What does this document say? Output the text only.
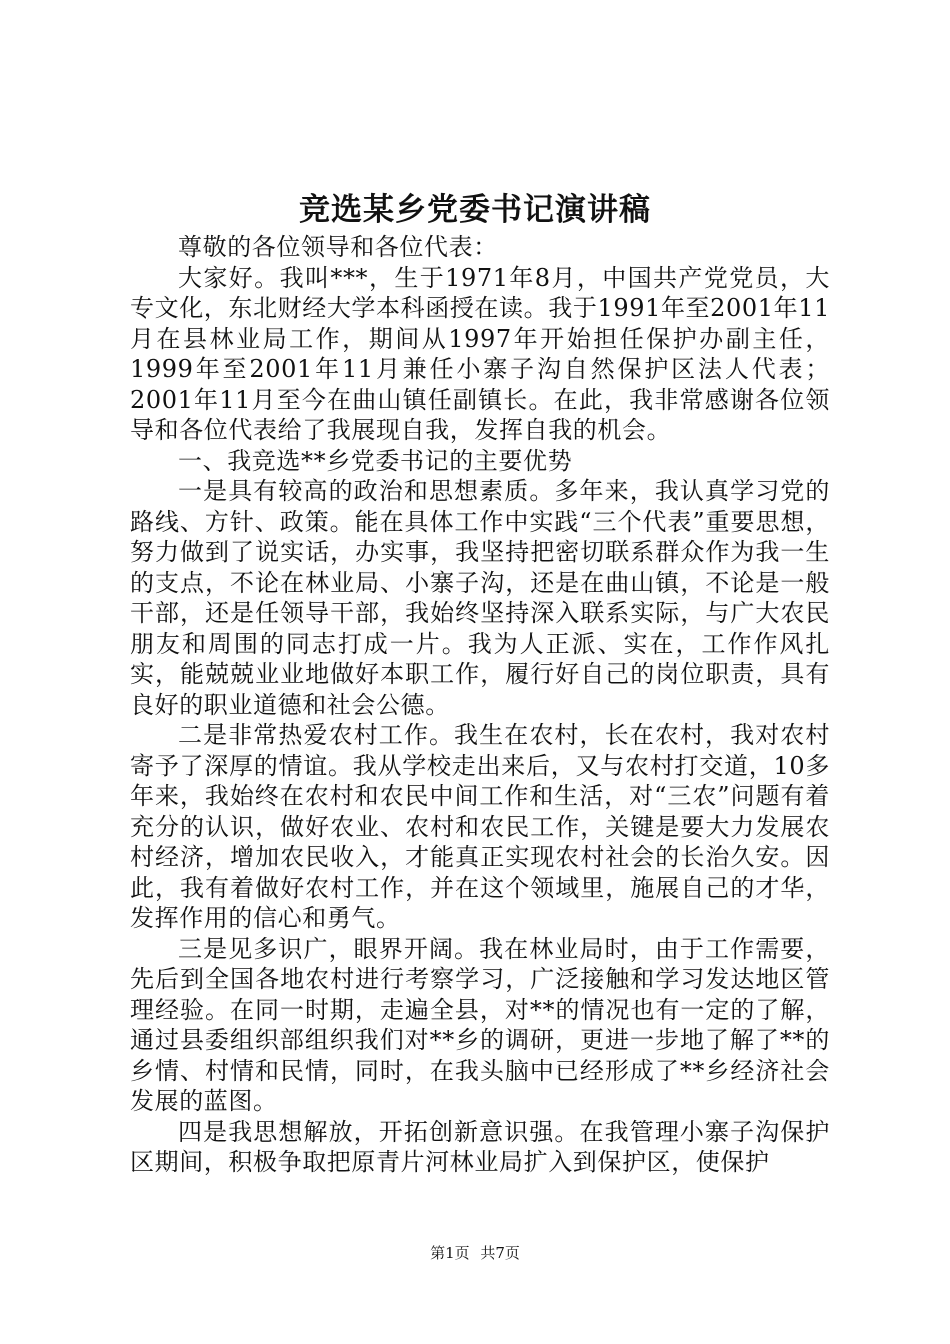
竞选某乡党委书记演讲稿

尊敬的各位领导和各位代表：

大家好。我叫***，生于1971年8月，中国共产党党员，大专文化，东北财经大学本科函授在读。我于1991年至2001年11月在县林业局工作，期间从1997年开始担任保护办副主任，1999年至2001年11月兼任小寨子沟自然保护区法人代表；2001年11月至今在曲山镇任副镇长。在此，我非常感谢各位领导和各位代表给了我展现自我，发挥自我的机会。

一、我竞选**乡党委书记的主要优势

一是具有较高的政治和思想素质。多年来，我认真学习党的路线、方针、政策。能在具体工作中实践“三个代表”重要思想，努力做到了说实话，办实事，我坚持把密切联系群众作为我一生的支点，不论在林业局、小寨子沟，还是在曲山镇，不论是一般干部，还是任领导干部，我始终坚持深入联系实际，与广大农民朋友和周围的同志打成一片。我为人正派、实在，工作作风扎实，能兢兢业业地做好本职工作，履行好自己的岗位职责，具有良好的职业道德和社会公德。

二是非常热爱农村工作。我生在农村，长在农村，我对农村寄予了深厚的情谊。我从学校走出来后，又与农村打交道，10多年来，我始终在农村和农民中间工作和生活，对“三农”问题有着充分的认识，做好农业、农村和农民工作，关键是要大力发展农村经济，增加农民收入，才能真正实现农村社会的长治久安。因此，我有着做好农村工作，并在这个领域里，施展自己的才华，发挥作用的信心和勇气。

三是见多识广，眼界开阔。我在林业局时，由于工作需要，先后到全国各地农村进行考察学习，广泛接触和学习发达地区管理经验。在同一时期，走遍全县，对**的情况也有一定的了解，通过县委组织部组织我们对**乡的调研，更进一步地了解了**的乡情、村情和民情，同时，在我头脑中已经形成了**乡经济社会发展的蓝图。

四是我思想解放，开拓创新意识强。在我管理小寨子沟保护区期间，积极争取把原青片河林业局扩入到保护区，使保护

第1页 共7页
